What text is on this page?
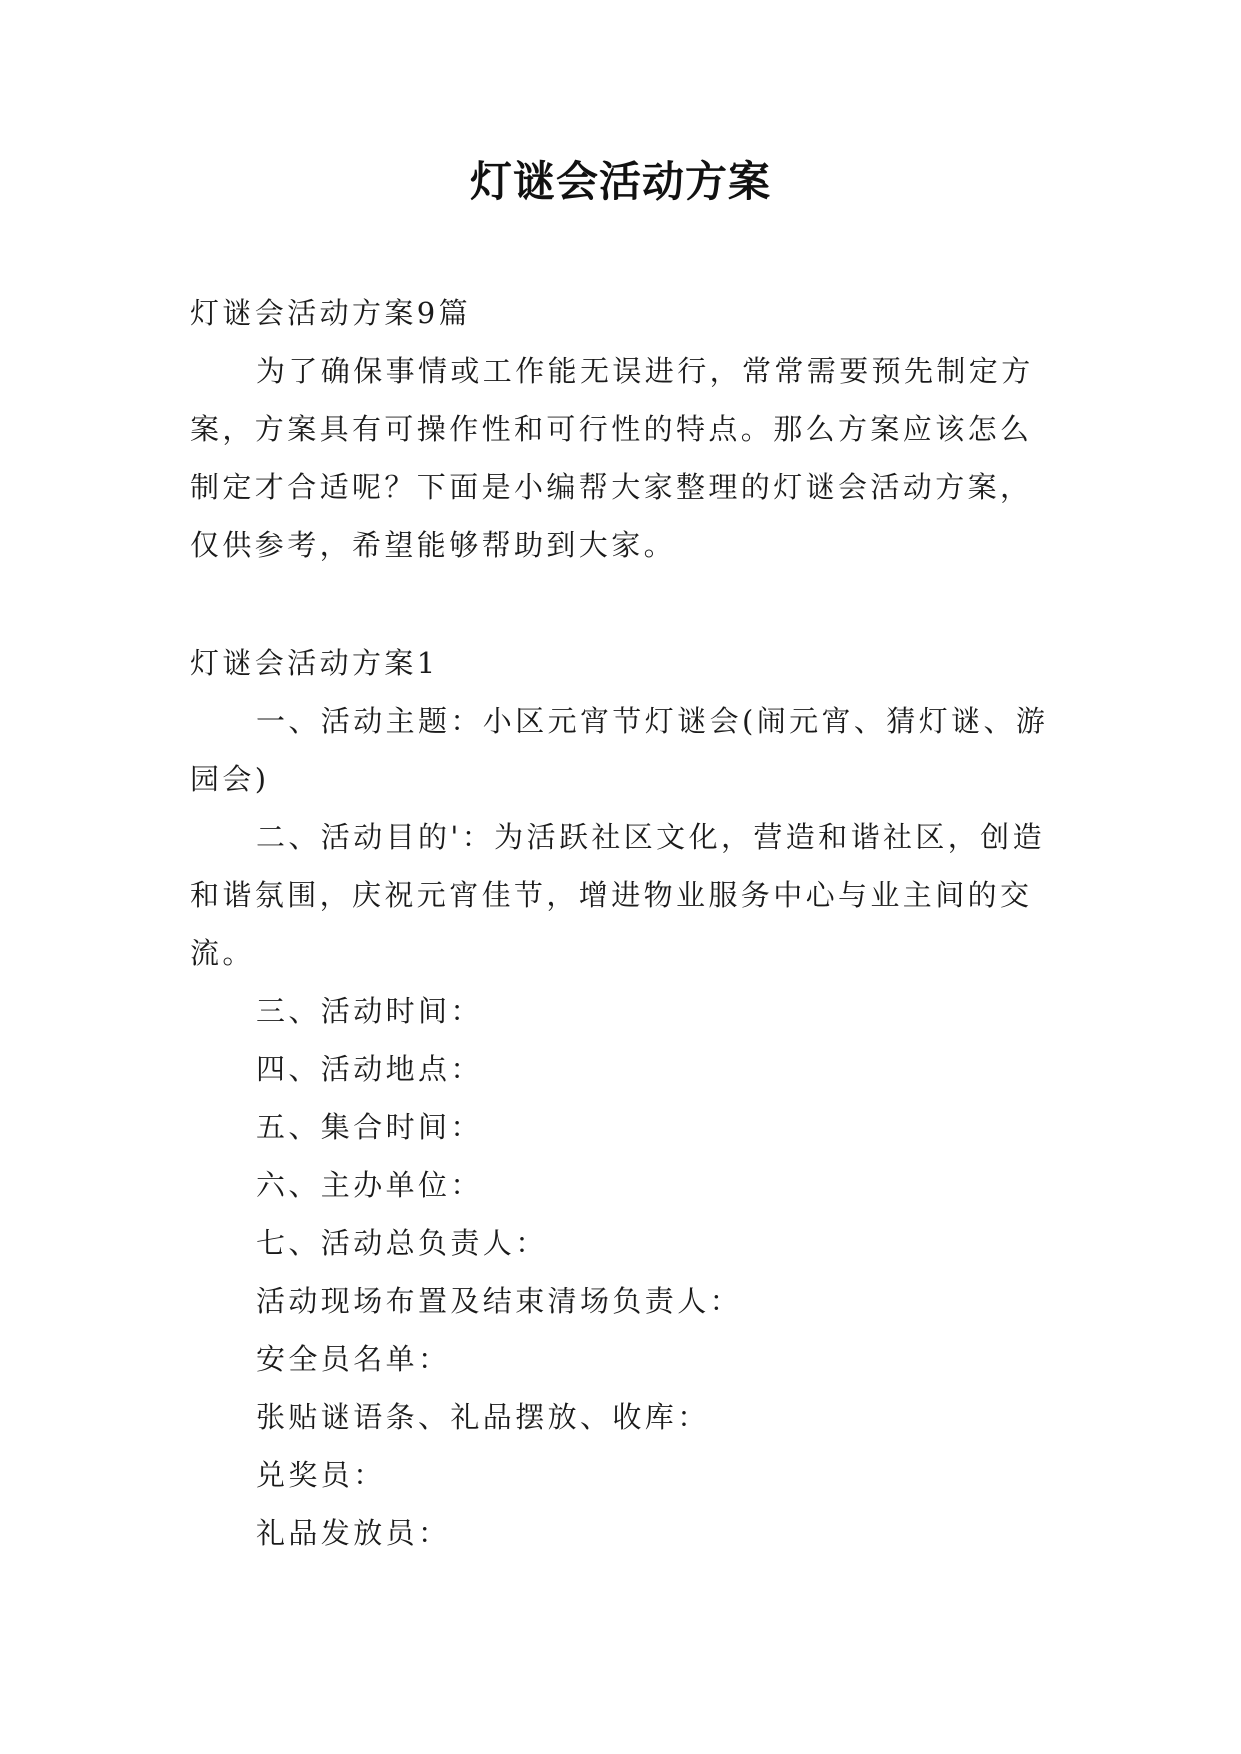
灯谜会活动方案

灯谜会活动方案9篇

为了确保事情或工作能无误进行，常常需要预先制定方案，方案具有可操作性和可行性的特点。那么方案应该怎么制定才合适呢？下面是小编帮大家整理的灯谜会活动方案，仅供参考，希望能够帮助到大家。

灯谜会活动方案1

一、活动主题：小区元宵节灯谜会(闹元宵、猜灯谜、游园会)

二、活动目的'：为活跃社区文化，营造和谐社区，创造和谐氛围，庆祝元宵佳节，增进物业服务中心与业主间的交流。

三、活动时间：

四、活动地点：

五、集合时间：

六、主办单位：

七、活动总负责人：

活动现场布置及结束清场负责人：

安全员名单：

张贴谜语条、礼品摆放、收库：

兑奖员：

礼品发放员：
